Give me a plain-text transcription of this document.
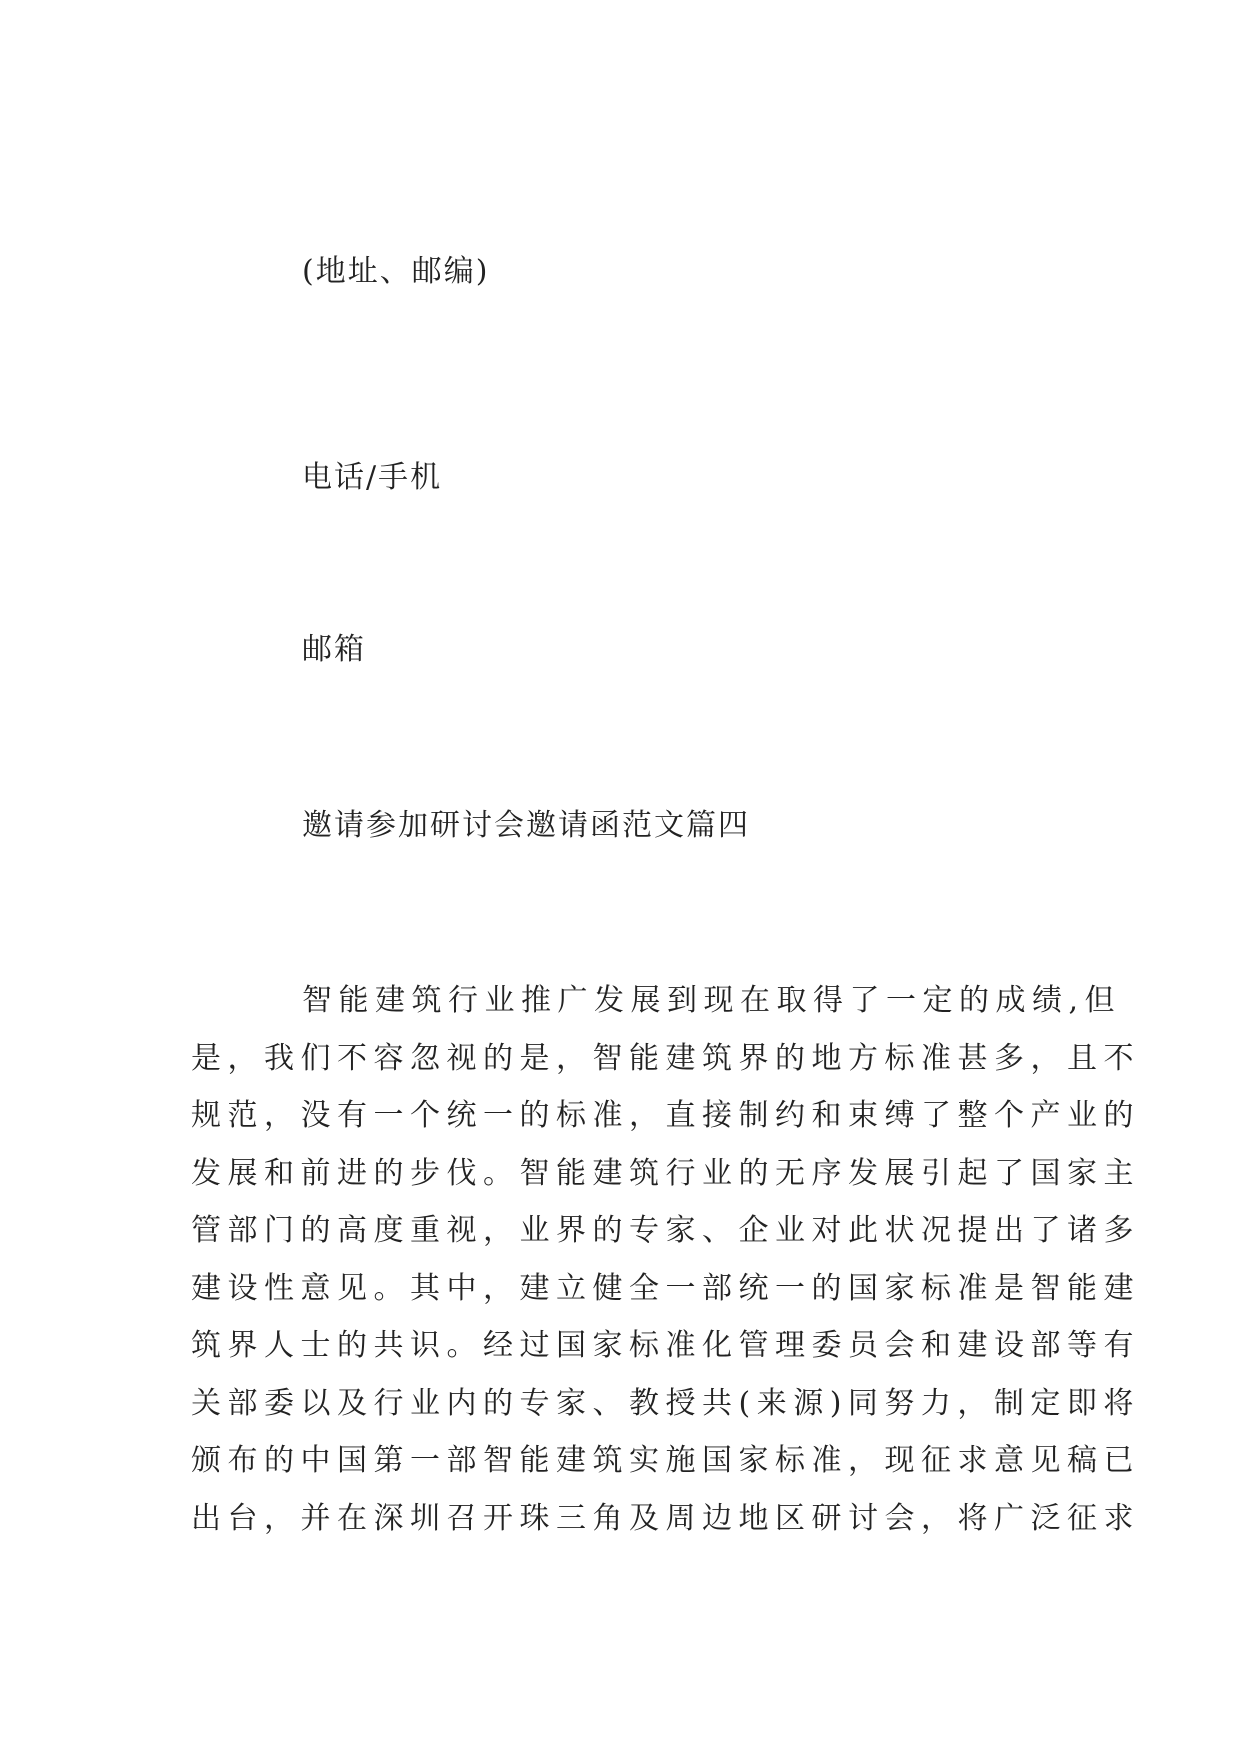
(地址、邮编)

电话/手机

邮箱

邀请参加研讨会邀请函范文篇四

智能建筑行业推广发展到现在取得了一定的成绩,但
是，我们不容忽视的是，智能建筑界的地方标准甚多，且不
规范，没有一个统一的标准，直接制约和束缚了整个产业的
发展和前进的步伐。智能建筑行业的无序发展引起了国家主
管部门的高度重视，业界的专家、企业对此状况提出了诸多
建设性意见。其中，建立健全一部统一的国家标准是智能建
筑界人士的共识。经过国家标准化管理委员会和建设部等有
关部委以及行业内的专家、教授共(来源)同努力，制定即将
颁布的中国第一部智能建筑实施国家标准，现征求意见稿已
出台，并在深圳召开珠三角及周边地区研讨会，将广泛征求
